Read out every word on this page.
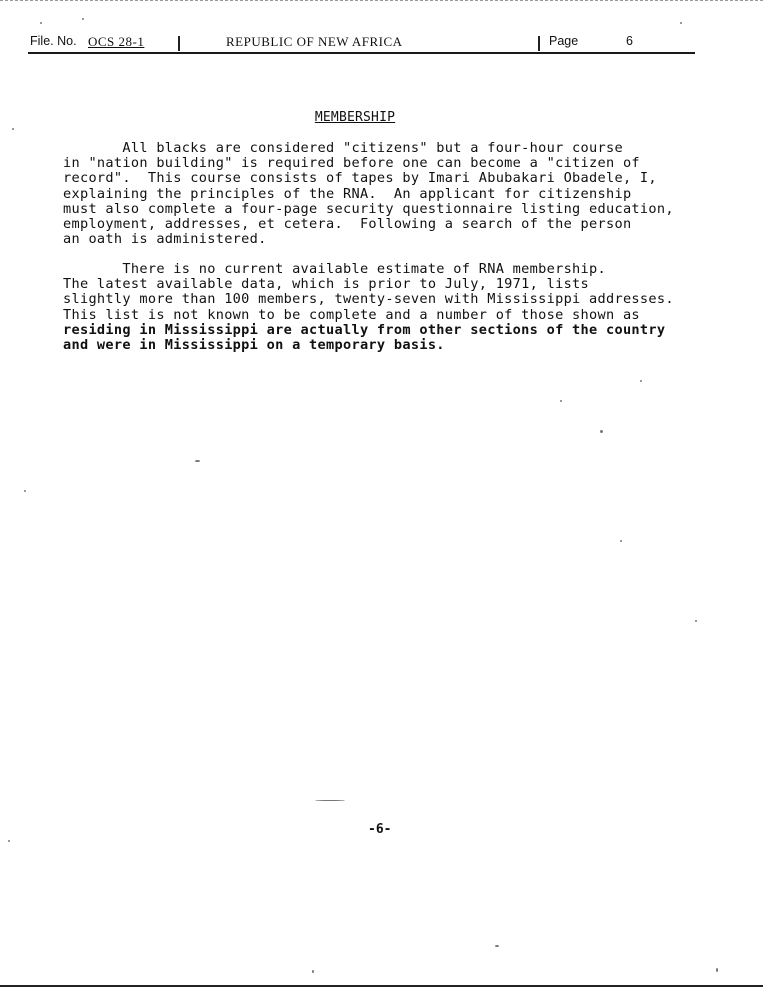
File. No. OCS 28-1	REPUBLIC OF NEW AFRICA	Page	6
MEMBERSHIP
All blacks are considered "citizens" but a four-hour course
in "nation building" is required before one can become a "citizen of
record".  This course consists of tapes by Imari Abubakari Obadele, I,
explaining the principles of the RNA.  An applicant for citizenship
must also complete a four-page security questionnaire listing education,
employment, addresses, et cetera.  Following a search of the person
an oath is administered.
There is no current available estimate of RNA membership.
The latest available data, which is prior to July, 1971, lists
slightly more than 100 members, twenty-seven with Mississippi addresses.
This list is not known to be complete and a number of those shown as
residing in Mississippi are actually from other sections of the country
and were in Mississippi on a temporary basis.
-6-
